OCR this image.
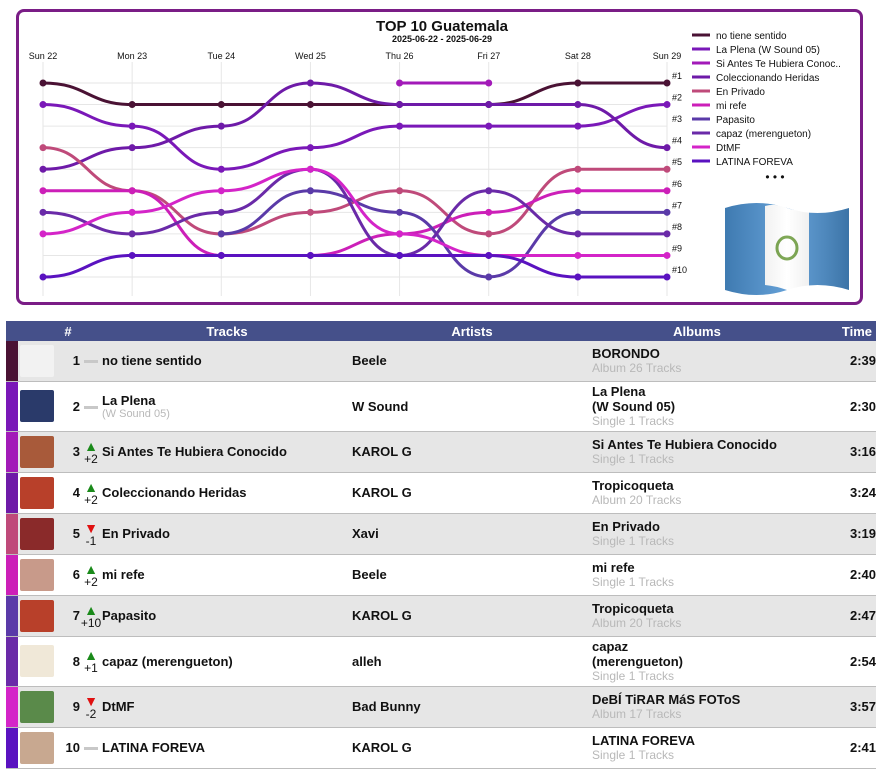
TOP 10 Guatemala
2025-06-22 - 2025-06-29
#1
#2
#3
#4
#5
#6
#7
#8
#9
#10
Sun 22	Mon 23	Tue 24	Wed 25	Thu 26	Fri 27	Sat 28	Sun 29
no tiene sentido
La Plena (W Sound 05)
Si Antes Te Hubiera Conoc..
Coleccionando Heridas
En Privado
mi refe
Papasito
capaz (merengueton)
DtMF
LATINA FOREVA
• • •
		#		Tracks	Artists	Albums	Time
		1		no tiene sentido	Beele	BORONDO
Album 26 Tracks	2:39
		2		La Plena
(W Sound 05)	W Sound	La Plena
(W Sound 05)
Single 1 Tracks	2:30
		3	▲
+2	Si Antes Te Hubiera Conocido	KAROL G	Si Antes Te Hubiera Conocido
Single 1 Tracks	3:16
		4	▲
+2	Coleccionando Heridas	KAROL G	Tropicoqueta
Album 20 Tracks	3:24
		5	▼
-1	En Privado	Xavi	En Privado
Single 1 Tracks	3:19
		6	▲
+2	mi refe	Beele	mi refe
Single 1 Tracks	2:40
		7	▲
+10	Papasito	KAROL G	Tropicoqueta
Album 20 Tracks	2:47
		8	▲
+1	capaz (merengueton)	alleh	capaz
(merengueton)
Single 1 Tracks	2:54
		9	▼
-2	DtMF	Bad Bunny	DeBÍ TiRAR MáS FOToS
Album 17 Tracks	3:57
		10		LATINA FOREVA	KAROL G	LATINA FOREVA
Single 1 Tracks	2:41
